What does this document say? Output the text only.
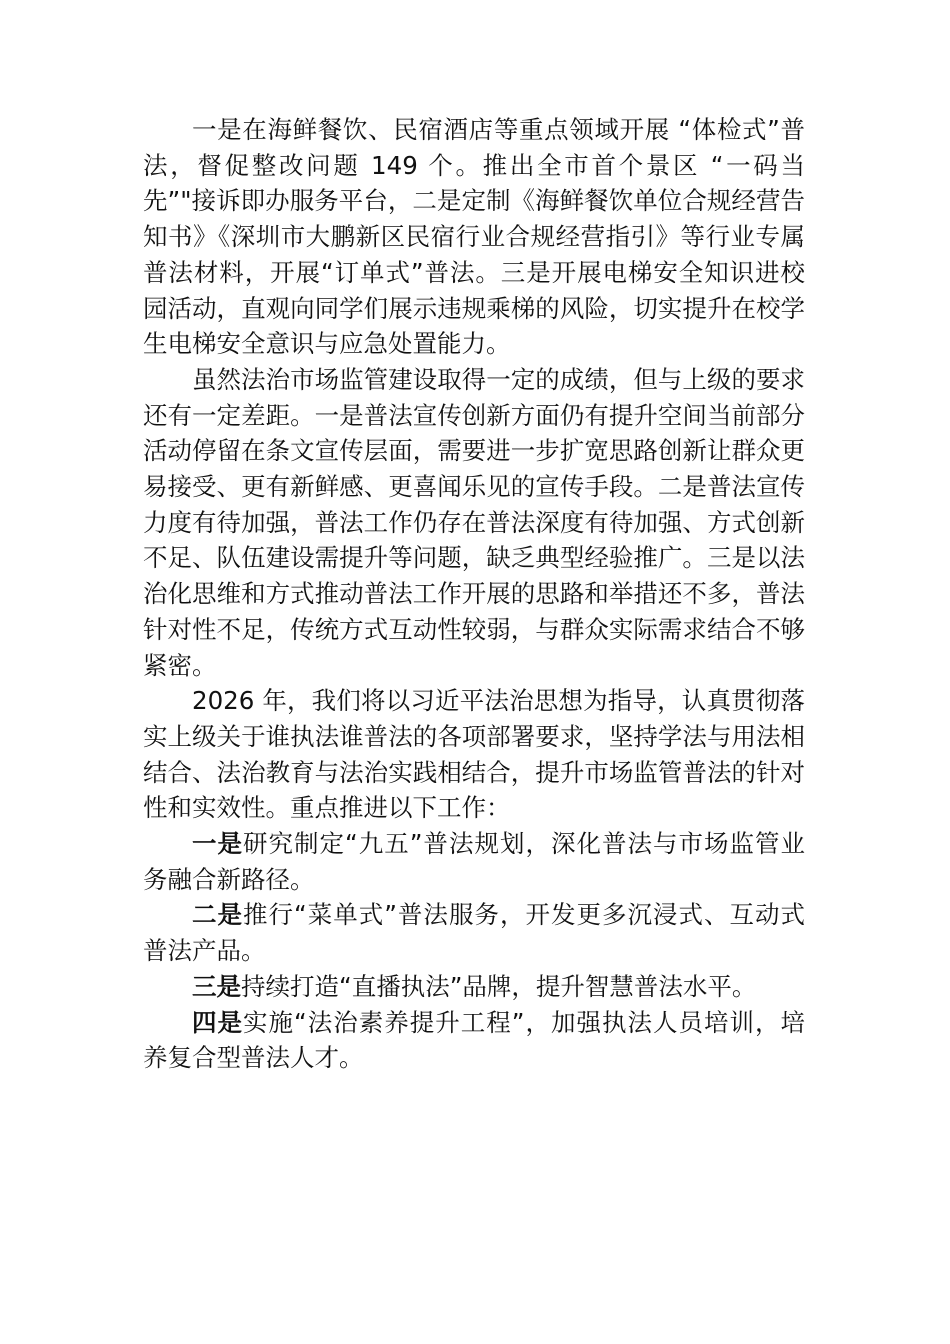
一是在海鲜餐饮、民宿酒店等重点领域开展 “体检式”普法，督促整改问题 149 个。推出全市首个景区 “一码当先”"接诉即办服务平台，二是定制《海鲜餐饮单位合规经营告知书》《深圳市大鹏新区民宿行业合规经营指引》等行业专属普法材料，开展“订单式”普法。三是开展电梯安全知识进校园活动，直观向同学们展示违规乘梯的风险，切实提升在校学生电梯安全意识与应急处置能力。

虽然法治市场监管建设取得一定的成绩，但与上级的要求还有一定差距。一是普法宣传创新方面仍有提升空间当前部分活动停留在条文宣传层面，需要进一步扩宽思路创新让群众更易接受、更有新鲜感、更喜闻乐见的宣传手段。二是普法宣传力度有待加强，普法工作仍存在普法深度有待加强、方式创新不足、队伍建设需提升等问题，缺乏典型经验推广。三是以法治化思维和方式推动普法工作开展的思路和举措还不多，普法针对性不足，传统方式互动性较弱，与群众实际需求结合不够紧密。

2026 年，我们将以习近平法治思想为指导，认真贯彻落实上级关于谁执法谁普法的各项部署要求，坚持学法与用法相结合、法治教育与法治实践相结合，提升市场监管普法的针对性和实效性。重点推进以下工作：

一是研究制定“九五”普法规划，深化普法与市场监管业务融合新路径。

二是推行“菜单式”普法服务，开发更多沉浸式、互动式普法产品。

三是持续打造“直播执法”品牌，提升智慧普法水平。

四是实施“法治素养提升工程”，加强执法人员培训，培养复合型普法人才。
